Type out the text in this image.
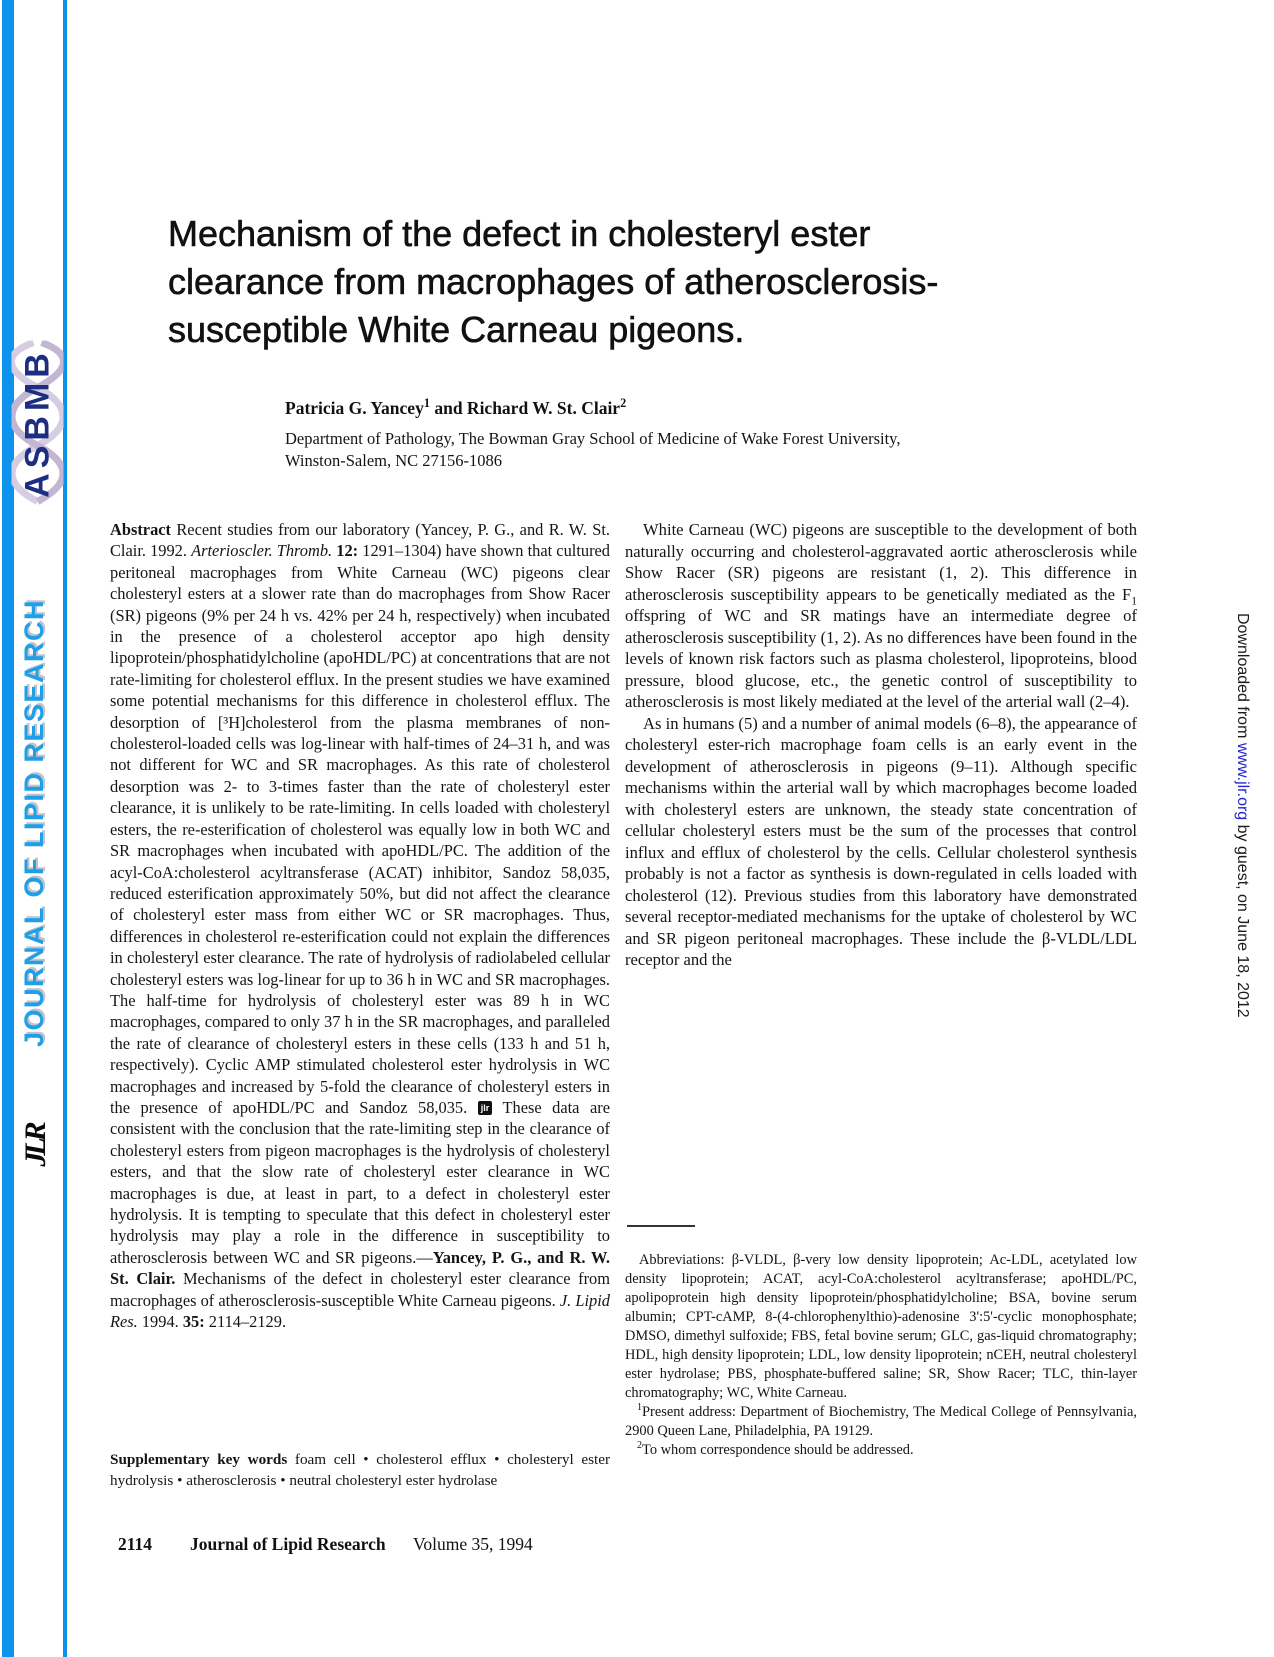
ASBMB
JOURNAL OF LIPID RESEARCH
JLR
Downloaded from www.jlr.org by guest, on June 18, 2012
Mechanism of the defect in cholesteryl ester
clearance from macrophages of atherosclerosis-
susceptible White Carneau pigeons.
Patricia G. Yancey$^1$ and Richard W. St. Clair$^2$
Department of Pathology, The Bowman Gray School of Medicine of Wake Forest University,
Winston-Salem, NC 27156-1086
Abstract Recent studies from our laboratory (Yancey, P. G., and R. W. St. Clair. 1992. Arterioscler. Thromb. 12: 1291–1304) have shown that cultured peritoneal macrophages from White Carneau (WC) pigeons clear cholesteryl esters at a slower rate than do macrophages from Show Racer (SR) pigeons (9% per 24 h vs. 42% per 24 h, respectively) when incubated in the presence of a cholesterol acceptor apo high density lipoprotein/phosphatidylcholine (apoHDL/PC) at concentrations that are not rate-limiting for cholesterol efflux. In the present studies we have examined some potential mechanisms for this difference in cholesterol efflux. The desorption of [³H]cholesterol from the plasma membranes of non-cholesterol-loaded cells was log-linear with half-times of 24–31 h, and was not different for WC and SR macrophages. As this rate of cholesterol desorption was 2- to 3-times faster than the rate of cholesteryl ester clearance, it is unlikely to be rate-limiting. In cells loaded with cholesteryl esters, the re-esterification of cholesterol was equally low in both WC and SR macrophages when incubated with apoHDL/PC. The addition of the acyl-CoA:cholesterol acyltransferase (ACAT) inhibitor, Sandoz 58,035, reduced esterification approximately 50%, but did not affect the clearance of cholesteryl ester mass from either WC or SR macrophages. Thus, differences in cholesterol re-esterification could not explain the differences in cholesteryl ester clearance. The rate of hydrolysis of radiolabeled cellular cholesteryl esters was log-linear for up to 36 h in WC and SR macrophages. The half-time for hydrolysis of cholesteryl ester was 89 h in WC macrophages, compared to only 37 h in the SR macrophages, and paralleled the rate of clearance of cholesteryl esters in these cells (133 h and 51 h, respectively). Cyclic AMP stimulated cholesterol ester hydrolysis in WC macrophages and increased by 5-fold the clearance of cholesteryl esters in the presence of apoHDL/PC and Sandoz 58,035. jlr These data are consistent with the conclusion that the rate-limiting step in the clearance of cholesteryl esters from pigeon macrophages is the hydrolysis of cholesteryl esters, and that the slow rate of cholesteryl ester clearance in WC macrophages is due, at least in part, to a defect in cholesteryl ester hydrolysis. It is tempting to speculate that this defect in cholesteryl ester hydrolysis may play a role in the difference in susceptibility to atherosclerosis between WC and SR pigeons.—Yancey, P. G., and R. W. St. Clair. Mechanisms of the defect in cholesteryl ester clearance from macrophages of atherosclerosis-susceptible White Carneau pigeons. J. Lipid Res. 1994. 35: 2114–2129.
Supplementary key words foam cell • cholesterol efflux • cholesteryl ester hydrolysis • atherosclerosis • neutral cholesteryl ester hydrolase

White Carneau (WC) pigeons are susceptible to the development of both naturally occurring and cholesterol-aggravated aortic atherosclerosis while Show Racer (SR) pigeons are resistant (1, 2). This difference in atherosclerosis susceptibility appears to be genetically mediated as the $F_1$ offspring of WC and SR matings have an intermediate degree of atherosclerosis susceptibility (1, 2). As no differences have been found in the levels of known risk factors such as plasma cholesterol, lipoproteins, blood pressure, blood glucose, etc., the genetic control of susceptibility to atherosclerosis is most likely mediated at the level of the arterial wall (2–4).

As in humans (5) and a number of animal models (6–8), the appearance of cholesteryl ester-rich macrophage foam cells is an early event in the development of atherosclerosis in pigeons (9–11). Although specific mechanisms within the arterial wall by which macrophages become loaded with cholesteryl esters are unknown, the steady state concentration of cellular cholesteryl esters must be the sum of the processes that control influx and efflux of cholesterol by the cells. Cellular cholesterol synthesis probably is not a factor as synthesis is down-regulated in cells loaded with cholesterol (12). Previous studies from this laboratory have demonstrated several receptor-mediated mechanisms for the uptake of cholesterol by WC and SR pigeon peritoneal macrophages. These include the β-VLDL/LDL receptor and the

Abbreviations: β-VLDL, β-very low density lipoprotein; Ac-LDL, acetylated low density lipoprotein; ACAT, acyl-CoA:cholesterol acyltransferase; apoHDL/PC, apolipoprotein high density lipoprotein/phosphatidylcholine; BSA, bovine serum albumin; CPT-cAMP, 8-(4-chlorophenylthio)-adenosine 3':5'-cyclic monophosphate; DMSO, dimethyl sulfoxide; FBS, fetal bovine serum; GLC, gas-liquid chromatography; HDL, high density lipoprotein; LDL, low density lipoprotein; nCEH, neutral cholesteryl ester hydrolase; PBS, phosphate-buffered saline; SR, Show Racer; TLC, thin-layer chromatography; WC, White Carneau.

$^1$Present address: Department of Biochemistry, The Medical College of Pennsylvania, 2900 Queen Lane, Philadelphia, PA 19129.

$^2$To whom correspondence should be addressed.

2114 Journal of Lipid Research Volume 35, 1994
